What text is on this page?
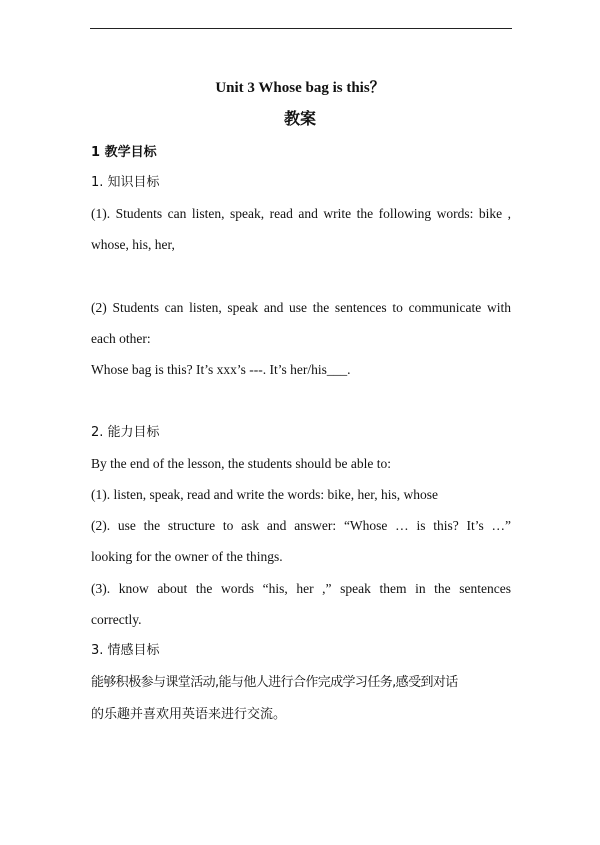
Unit 3 Whose bag is this？
教案
1 教学目标
1. 知识目标
(1). Students can listen, speak, read and write the following words: bike ,
whose, his, her,
(2) Students can listen, speak and use the sentences to communicate with
each other:
Whose bag is this? It’s xxx’s ---. It’s her/his___.
2. 能力目标
By the end of the lesson, the students should be able to:
(1). listen, speak, read and write the words: bike, her, his, whose
(2). use the structure to ask and answer: “Whose … is this? It’s …”
looking for the owner of the things.
(3). know about the words “his, her ,” speak them in the sentences
correctly.
3. 情感目标
能够积极参与课堂活动,能与他人进行合作完成学习任务,感受到对话
的乐趣并喜欢用英语来进行交流。
